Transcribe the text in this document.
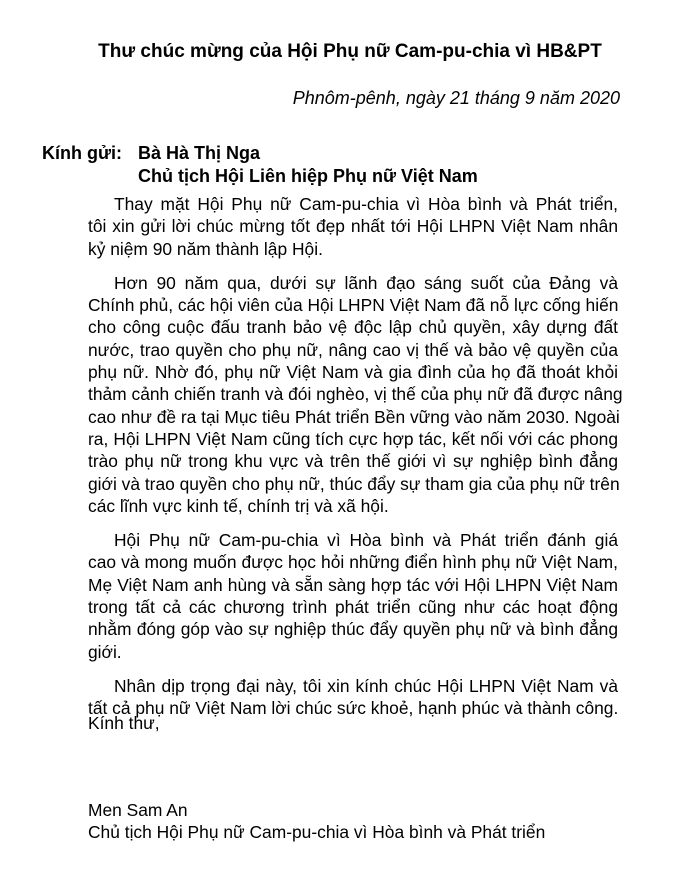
Thư chúc mừng của Hội Phụ nữ Cam-pu-chia vì HB&PT
Phnôm-pênh, ngày 21 tháng 9 năm 2020
Kính gửi: Bà Hà Thị Nga
Chủ tịch Hội Liên hiệp Phụ nữ Việt Nam

Thay mặt Hội Phụ nữ Cam-pu-chia vì Hòa bình và Phát triển,
tôi xin gửi lời chúc mừng tốt đẹp nhất tới Hội LHPN Việt Nam nhân
kỷ niệm 90 năm thành lập Hội.

Hơn 90 năm qua, dưới sự lãnh đạo sáng suốt của Đảng và
Chính phủ, các hội viên của Hội LHPN Việt Nam đã nỗ lực cống hiến
cho công cuộc đấu tranh bảo vệ độc lập chủ quyền, xây dựng đất
nước, trao quyền cho phụ nữ, nâng cao vị thế và bảo vệ quyền của
phụ nữ. Nhờ đó, phụ nữ Việt Nam và gia đình của họ đã thoát khỏi
thảm cảnh chiến tranh và đói nghèo, vị thế của phụ nữ đã được nâng
cao như đề ra tại Mục tiêu Phát triển Bền vững vào năm 2030. Ngoài
ra, Hội LHPN Việt Nam cũng tích cực hợp tác, kết nối với các phong
trào phụ nữ trong khu vực và trên thế giới vì sự nghiệp bình đẳng
giới và trao quyền cho phụ nữ, thúc đẩy sự tham gia của phụ nữ trên
các lĩnh vực kinh tế, chính trị và xã hội.

Hội Phụ nữ Cam-pu-chia vì Hòa bình và Phát triển đánh giá
cao và mong muốn được học hỏi những điển hình phụ nữ Việt Nam,
Mẹ Việt Nam anh hùng và sẵn sàng hợp tác với Hội LHPN Việt Nam
trong tất cả các chương trình phát triển cũng như các hoạt động
nhằm đóng góp vào sự nghiệp thúc đẩy quyền phụ nữ và bình đẳng
giới.

Nhân dịp trọng đại này, tôi xin kính chúc Hội LHPN Việt Nam và
tất cả phụ nữ Việt Nam lời chúc sức khoẻ, hạnh phúc và thành công.

Kính thư,
Men Sam An
Chủ tịch Hội Phụ nữ Cam-pu-chia vì Hòa bình và Phát triển
